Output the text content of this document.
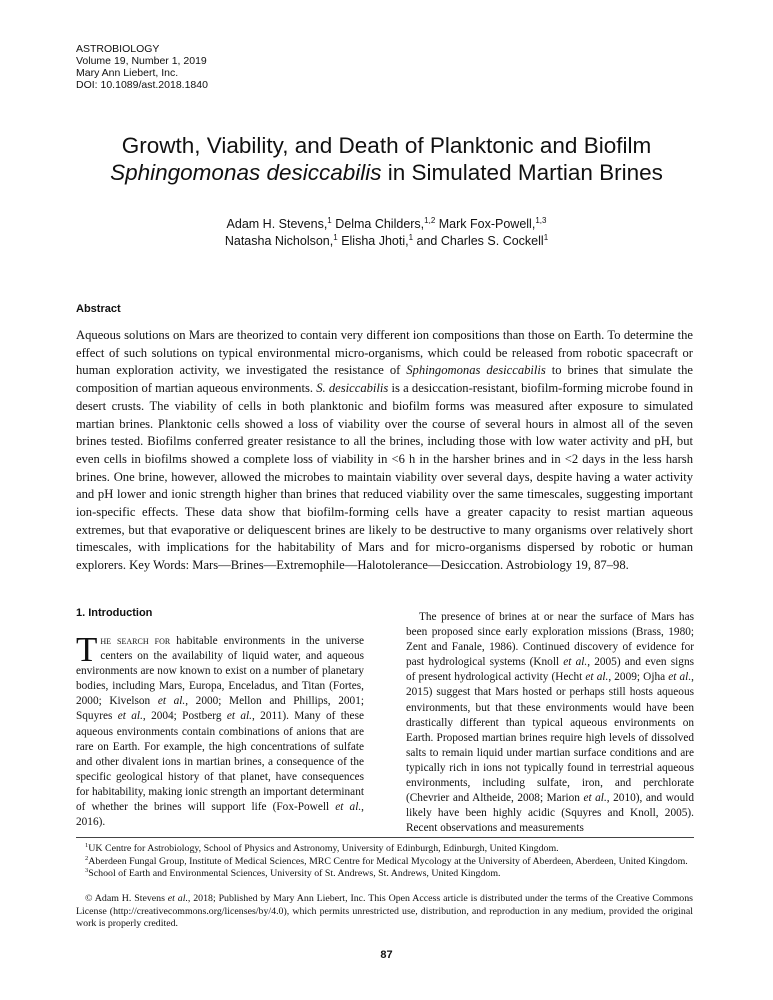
ASTROBIOLOGY
Volume 19, Number 1, 2019
Mary Ann Liebert, Inc.
DOI: 10.1089/ast.2018.1840
Growth, Viability, and Death of Planktonic and Biofilm
Sphingomonas desiccabilis in Simulated Martian Brines
Adam H. Stevens,$^1$ Delma Childers,$^{1,2}$ Mark Fox-Powell,$^{1,3}$
Natasha Nicholson,$^1$ Elisha Jhoti,$^1$ and Charles S. Cockell$^1$
Abstract

Aqueous solutions on Mars are theorized to contain very different ion compositions than those on Earth. To determine the effect of such solutions on typical environmental micro-organisms, which could be released from robotic spacecraft or human exploration activity, we investigated the resistance of Sphingomonas desiccabilis to brines that simulate the composition of martian aqueous environments. S. desiccabilis is a desiccation-resistant, biofilm-forming microbe found in desert crusts. The viability of cells in both planktonic and biofilm forms was measured after exposure to simulated martian brines. Planktonic cells showed a loss of viability over the course of several hours in almost all of the seven brines tested. Biofilms conferred greater resistance to all the brines, including those with low water activity and pH, but even cells in biofilms showed a complete loss of viability in <6 h in the harsher brines and in <2 days in the less harsh brines. One brine, however, allowed the microbes to maintain viability over several days, despite having a water activity and pH lower and ionic strength higher than brines that reduced viability over the same timescales, suggesting important ion-specific effects. These data show that biofilm-forming cells have a greater capacity to resist martian aqueous extremes, but that evaporative or deliquescent brines are likely to be destructive to many organisms over relatively short timescales, with implications for the habitability of Mars and for micro-organisms dispersed by robotic or human explorers. Key Words: Mars—Brines—Extremophile—Halotolerance—Desiccation. Astrobiology 19, 87–98.

1. Introduction

The search for habitable environments in the universe centers on the availability of liquid water, and aqueous environments are now known to exist on a number of planetary bodies, including Mars, Europa, Enceladus, and Titan (Fortes, 2000; Kivelson et al., 2000; Mellon and Phillips, 2001; Squyres et al., 2004; Postberg et al., 2011). Many of these aqueous environments contain combinations of anions that are rare on Earth. For example, the high concentrations of sulfate and other divalent ions in martian brines, a consequence of the specific geological history of that planet, have consequences for habitability, making ionic strength an important determinant of whether the brines will support life (Fox-Powell et al., 2016).

The presence of brines at or near the surface of Mars has been proposed since early exploration missions (Brass, 1980; Zent and Fanale, 1986). Continued discovery of evidence for past hydrological systems (Knoll et al., 2005) and even signs of present hydrological activity (Hecht et al., 2009; Ojha et al., 2015) suggest that Mars hosted or perhaps still hosts aqueous environments, but that these environments would have been drastically different than typical aqueous environments on Earth. Proposed martian brines require high levels of dissolved salts to remain liquid under martian surface conditions and are typically rich in ions not typically found in terrestrial aqueous environments, including sulfate, iron, and perchlorate (Chevrier and Altheide, 2008; Marion et al., 2010), and would likely have been highly acidic (Squyres and Knoll, 2005). Recent observations and measurements

$^1$UK Centre for Astrobiology, School of Physics and Astronomy, University of Edinburgh, Edinburgh, United Kingdom.

$^2$Aberdeen Fungal Group, Institute of Medical Sciences, MRC Centre for Medical Mycology at the University of Aberdeen, Aberdeen, United Kingdom.

$^3$School of Earth and Environmental Sciences, University of St. Andrews, St. Andrews, United Kingdom.

© Adam H. Stevens et al., 2018; Published by Mary Ann Liebert, Inc. This Open Access article is distributed under the terms of the Creative Commons License (http://creativecommons.org/licenses/by/4.0), which permits unrestricted use, distribution, and reproduction in any medium, provided the original work is properly credited.

87
